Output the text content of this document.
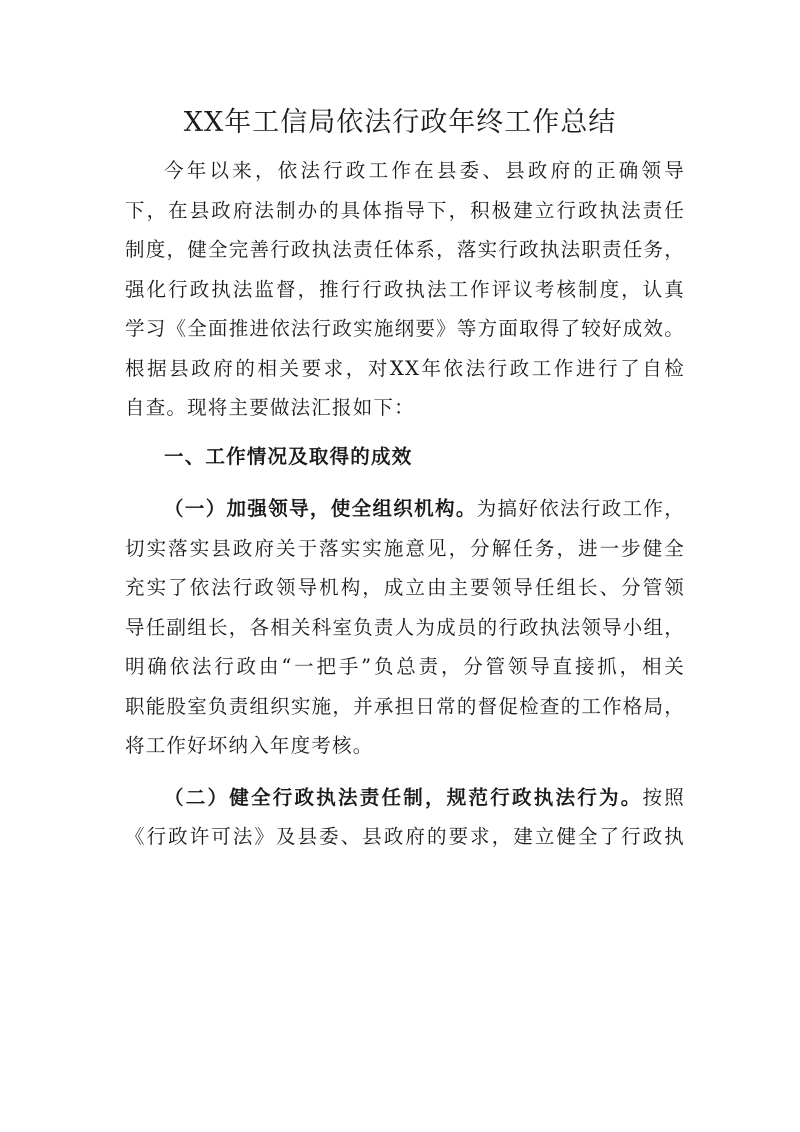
XX年工信局依法行政年终工作总结
今年以来，依法行政工作在县委、县政府的正确领导
下，在县政府法制办的具体指导下，积极建立行政执法责任
制度，健全完善行政执法责任体系，落实行政执法职责任务，
强化行政执法监督，推行行政执法工作评议考核制度，认真
学习《全面推进依法行政实施纲要》等方面取得了较好成效。
根据县政府的相关要求，对XX年依法行政工作进行了自检
自查。现将主要做法汇报如下：
一、工作情况及取得的成效
（一）加强领导，使全组织机构。为搞好依法行政工作，
切实落实县政府关于落实实施意见，分解任务，进一步健全
充实了依法行政领导机构，成立由主要领导任组长、分管领
导任副组长，各相关科室负责人为成员的行政执法领导小组，
明确依法行政由“一把手”负总责，分管领导直接抓，相关
职能股室负责组织实施，并承担日常的督促检查的工作格局，
将工作好坏纳入年度考核。
（二）健全行政执法责任制，规范行政执法行为。按照
《行政许可法》及县委、县政府的要求，建立健全了行政执
